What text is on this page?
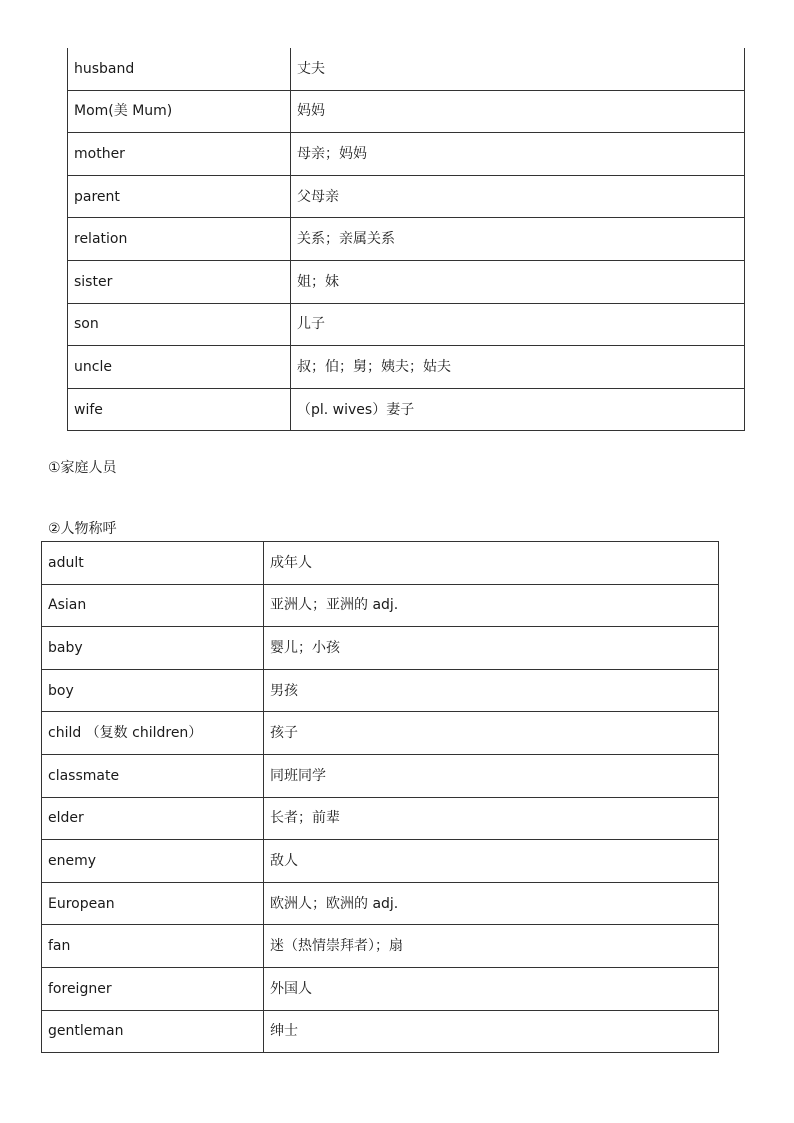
husband	丈夫
Mom(美 Mum)	妈妈
mother	母亲；妈妈
parent	父母亲
relation	关系；亲属关系
sister	姐；妹
son	儿子
uncle	叔；伯；舅；姨夫；姑夫
wife	（pl. wives）妻子
①家庭人员
②人物称呼
adult	成年人
Asian	亚洲人；亚洲的 adj.
baby	婴儿；小孩
boy	男孩
child （复数 children）	孩子
classmate	同班同学
elder	长者；前辈
enemy	敌人
European	欧洲人；欧洲的 adj.
fan	迷（热情崇拜者）；扇
foreigner	外国人
gentleman	绅士
